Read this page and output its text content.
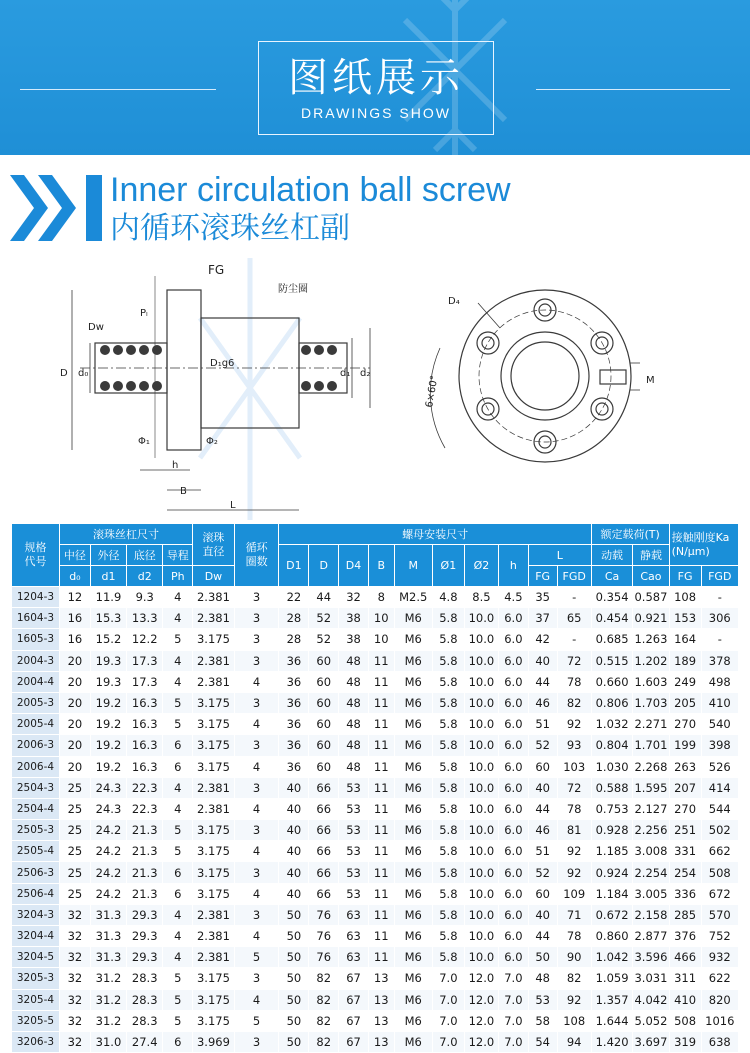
图纸展示
DRAWINGS SHOW
Inner circulation ball screw
内循环滚珠丝杠副
FG
防尘圈
Pₗ
Dw
D d₀
D₁g6
d₁ d₂
Φ₁	Φ₂
h
B
L
D₄
6×60°	M
规格
代号	滚珠丝杠尺寸				滚珠
直径	循环
圈数	螺母安装尺寸										额定载荷(T)		接触刚度Ka
(N/μm)	
	中径	外径	底径	导程			D1	D	D4	B	M	Ø1	Ø2	h	L		动载	静载		
	d₀	d1	d2	Ph	Dw										FG	FGD	Ca	Cao	FG	FGD
1204-3	12	11.9	9.3	4	2.381	3	22	44	32	8	M2.5	4.8	8.5	4.5	35	-	0.354	0.587	108	-
1604-3	16	15.3	13.3	4	2.381	3	28	52	38	10	M6	5.8	10.0	6.0	37	65	0.454	0.921	153	306
1605-3	16	15.2	12.2	5	3.175	3	28	52	38	10	M6	5.8	10.0	6.0	42	-	0.685	1.263	164	-
2004-3	20	19.3	17.3	4	2.381	3	36	60	48	11	M6	5.8	10.0	6.0	40	72	0.515	1.202	189	378
2004-4	20	19.3	17.3	4	2.381	4	36	60	48	11	M6	5.8	10.0	6.0	44	78	0.660	1.603	249	498
2005-3	20	19.2	16.3	5	3.175	3	36	60	48	11	M6	5.8	10.0	6.0	46	82	0.806	1.703	205	410
2005-4	20	19.2	16.3	5	3.175	4	36	60	48	11	M6	5.8	10.0	6.0	51	92	1.032	2.271	270	540
2006-3	20	19.2	16.3	6	3.175	3	36	60	48	11	M6	5.8	10.0	6.0	52	93	0.804	1.701	199	398
2006-4	20	19.2	16.3	6	3.175	4	36	60	48	11	M6	5.8	10.0	6.0	60	103	1.030	2.268	263	526
2504-3	25	24.3	22.3	4	2.381	3	40	66	53	11	M6	5.8	10.0	6.0	40	72	0.588	1.595	207	414
2504-4	25	24.3	22.3	4	2.381	4	40	66	53	11	M6	5.8	10.0	6.0	44	78	0.753	2.127	270	544
2505-3	25	24.2	21.3	5	3.175	3	40	66	53	11	M6	5.8	10.0	6.0	46	81	0.928	2.256	251	502
2505-4	25	24.2	21.3	5	3.175	4	40	66	53	11	M6	5.8	10.0	6.0	51	92	1.185	3.008	331	662
2506-3	25	24.2	21.3	6	3.175	3	40	66	53	11	M6	5.8	10.0	6.0	52	92	0.924	2.254	254	508
2506-4	25	24.2	21.3	6	3.175	4	40	66	53	11	M6	5.8	10.0	6.0	60	109	1.184	3.005	336	672
3204-3	32	31.3	29.3	4	2.381	3	50	76	63	11	M6	5.8	10.0	6.0	40	71	0.672	2.158	285	570
3204-4	32	31.3	29.3	4	2.381	4	50	76	63	11	M6	5.8	10.0	6.0	44	78	0.860	2.877	376	752
3204-5	32	31.3	29.3	4	2.381	5	50	76	63	11	M6	5.8	10.0	6.0	50	90	1.042	3.596	466	932
3205-3	32	31.2	28.3	5	3.175	3	50	82	67	13	M6	7.0	12.0	7.0	48	82	1.059	3.031	311	622
3205-4	32	31.2	28.3	5	3.175	4	50	82	67	13	M6	7.0	12.0	7.0	53	92	1.357	4.042	410	820
3205-5	32	31.2	28.3	5	3.175	5	50	82	67	13	M6	7.0	12.0	7.0	58	108	1.644	5.052	508	1016
3206-3	32	31.0	27.4	6	3.969	3	50	82	67	13	M6	7.0	12.0	7.0	54	94	1.420	3.697	319	638
